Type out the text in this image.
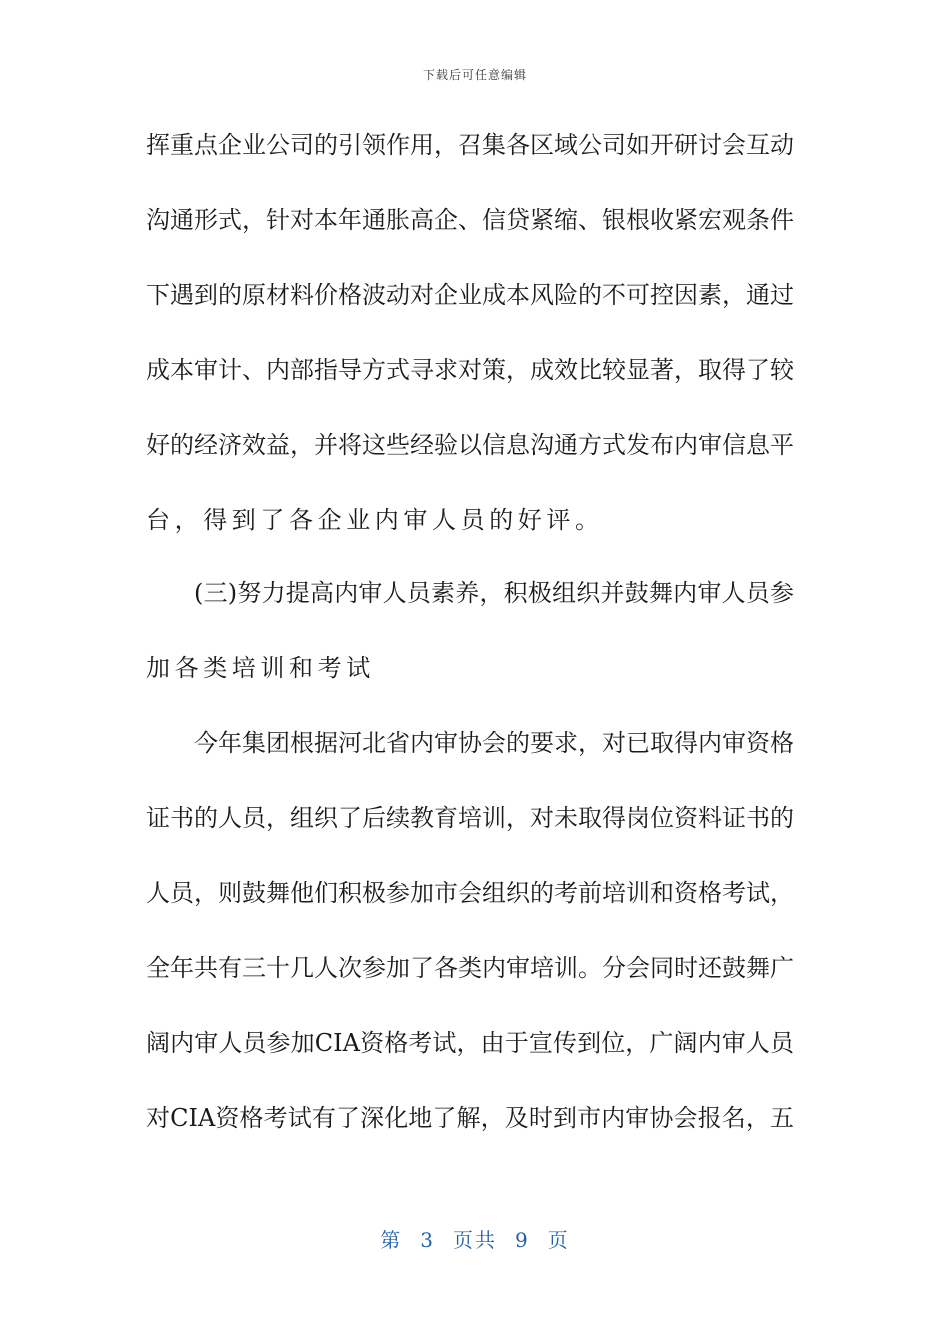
下载后可任意编辑
挥重点企业公司的引领作用，召集各区域公司如开研讨会互动
沟通形式，针对本年通胀高企、信贷紧缩、银根收紧宏观条件
下遇到的原材料价格波动对企业成本风险的不可控因素，通过
成本审计、内部指导方式寻求对策，成效比较显著，取得了较
好的经济效益，并将这些经验以信息沟通方式发布内审信息平
台，得到了各企业内审人员的好评。
(三)努力提高内审人员素养，积极组织并鼓舞内审人员参
加各类培训和考试
今年集团根据河北省内审协会的要求，对已取得内审资格
证书的人员，组织了后续教育培训，对未取得岗位资料证书的
人员，则鼓舞他们积极参加市会组织的考前培训和资格考试，
全年共有三十几人次参加了各类内审培训。分会同时还鼓舞广
阔内审人员参加CIA资格考试，由于宣传到位，广阔内审人员
对CIA资格考试有了深化地了解，及时到市内审协会报名，五
第 3 页共 9 页
